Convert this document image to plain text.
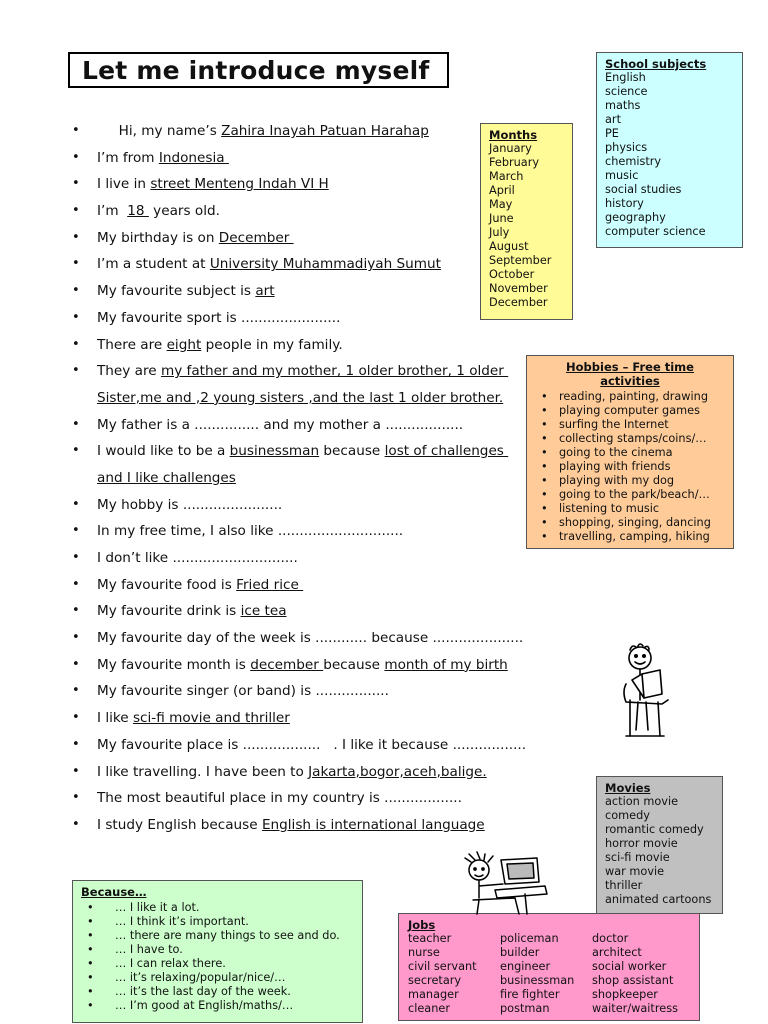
Let me introduce myself
• Hi, my name’s Zahira Inayah Patuan Harahap
• I’m from Indonesia
• I live in street Menteng Indah VI H
• I’m  18  years old.
• My birthday is on December
• I’m a student at University Muhammadiyah Sumut
• My favourite subject is art
• My favourite sport is .......................
• There are eight people in my family.
• They are my father and my mother, 1 older brother, 1 older
Sister,me and ,2 young sisters ,and the last 1 older brother.
• My father is a ............... and my mother a ..................
• I would like to be a businessman because lost of challenges
and I like challenges
• My hobby is .......................
• In my free time, I also like .............................
• I don’t like .............................
• My favourite food is Fried rice
• My favourite drink is ice tea
• My favourite day of the week is ............ because .....................
• My favourite month is december because month of my birth
• My favourite singer (or band) is .................
• I like sci-fi movie and thriller
• My favourite place is ..................   . I like it because .................
• I like travelling. I have been to Jakarta,bogor,aceh,balige.
• The most beautiful place in my country is ..................
• I study English because English is international language
Months
January
February
March
April
May
June
July
August
September
October
November
December
School subjects
English
science
maths
art
PE
physics
chemistry
music
social studies
history
geography
computer science
Hobbies – Free time activities
• reading, painting, drawing
• playing computer games
• surfing the Internet
• collecting stamps/coins/…
• going to the cinema
• playing with friends
• playing with my dog
• going to the park/beach/…
• listening to music
• shopping, singing, dancing
• travelling, camping, hiking
Movies
action movie
comedy
romantic comedy
horror movie
sci-fi movie
war movie
thriller
animated cartoons
Because…
• … I like it a lot.
• … I think it’s important.
• … there are many things to see and do.
• … I have to.
• … I can relax there.
• … it’s relaxing/popular/nice/…
• … it’s the last day of the week.
• … I’m good at English/maths/…
Jobs
teacher	policeman	doctor
nurse	builder	architect
civil servant	engineer	social worker
secretary	businessman	shop assistant
manager	fire fighter	shopkeeper
cleaner	postman	waiter/waitress
